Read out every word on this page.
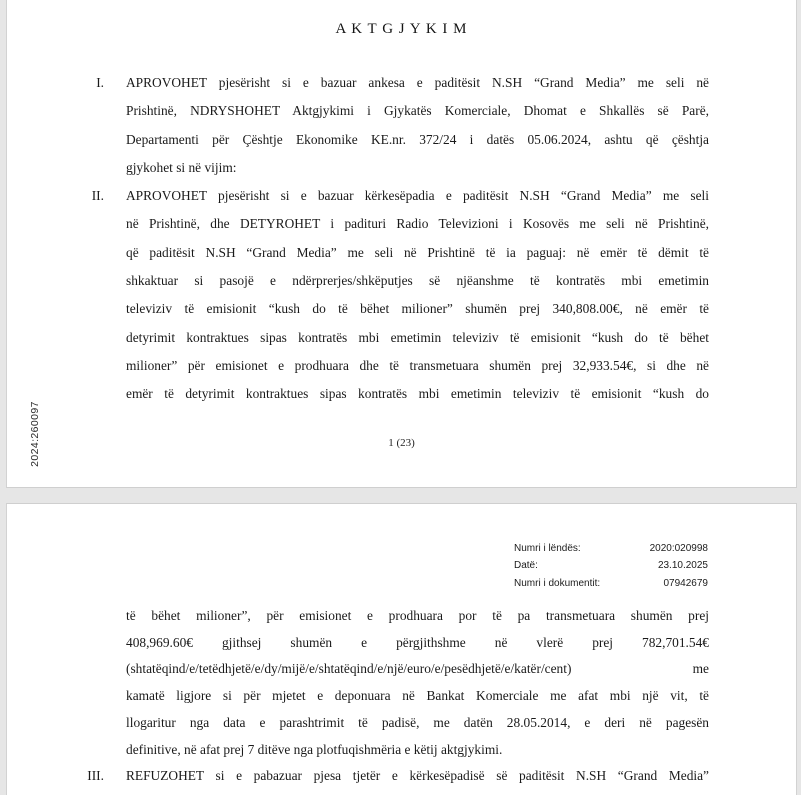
A K T G J Y K I M
I. APROVOHET pjesërisht si e bazuar ankesa e paditësit N.SH “Grand Media” me seli në
Prishtinë, NDRYSHOHET Aktgjykimi i Gjykatës Komerciale, Dhomat e Shkallës së Parë,
Departamenti për Çështje Ekonomike KE.nr. 372/24 i datës 05.06.2024, ashtu që çështja
gjykohet si në vijim:
II. APROVOHET pjesërisht si e bazuar kërkesëpadia e paditësit N.SH “Grand Media” me seli
në Prishtinë, dhe DETYROHET i padituri Radio Televizioni i Kosovës me seli në Prishtinë,
që paditësit N.SH “Grand Media” me seli në Prishtinë të ia paguaj: në emër të dëmit të
shkaktuar si pasojë e ndërprerjes/shkëputjes së njëanshme të kontratës mbi emetimin
televiziv të emisionit “kush do të bëhet milioner” shumën prej 340,808.00€, në emër të
detyrimit kontraktues sipas kontratës mbi emetimin televiziv të emisionit “kush do të bëhet
milioner” për emisionet e prodhuara dhe të transmetuara shumën prej 32,933.54€, si dhe në
emër të detyrimit kontraktues sipas kontratës mbi emetimin televiziv të emisionit “kush do
1 (23)
2024:260097
Numri i lëndës:	2020:020998
Datë:	23.10.2025
Numri i dokumentit:	07942679
të bëhet milioner”, për emisionet e prodhuara por të pa transmetuara shumën prej
408,969.60€ gjithsej shumën e përgjithshme në vlerë prej 782,701.54€
(shtatëqind/e/tetëdhjetë/e/dy/mijë/e/shtatëqind/e/një/euro/e/pesëdhjetë/e/katër/cent) me
kamatë ligjore si për mjetet e deponuara në Bankat Komerciale me afat mbi një vit, të
llogaritur nga data e parashtrimit të padisë, me datën 28.05.2014, e deri në pagesën
definitive, në afat prej 7 ditëve nga plotfuqishmëria e këtij aktgjykimi.
III. REFUZOHET si e pabazuar pjesa tjetër e kërkesëpadisë së paditësit N.SH “Grand Media”
